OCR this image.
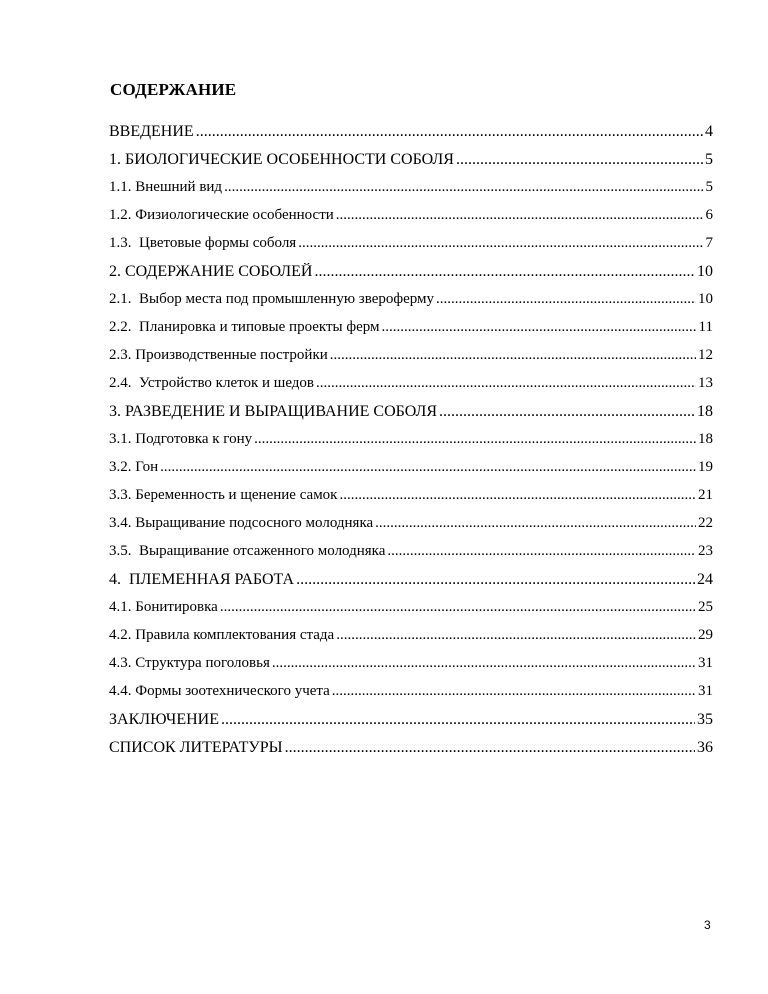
СОДЕРЖАНИЕ
ВВЕДЕНИЕ .....	4
1. БИОЛОГИЧЕСКИЕ ОСОБЕННОСТИ СОБОЛЯ .....	5
1.1. Внешний вид .....	5
1.2. Физиологические особенности .....	6
1.3.  Цветовые формы соболя .....	7
2. СОДЕРЖАНИЕ СОБОЛЕЙ .....	10
2.1.  Выбор места под промышленную звероферму .....	10
2.2.  Планировка и типовые проекты ферм .....	11
2.3. Производственные постройки .....	12
2.4.  Устройство клеток и шедов .....	13
3. РАЗВЕДЕНИЕ И ВЫРАЩИВАНИЕ СОБОЛЯ .....	18
3.1. Подготовка к гону .....	18
3.2. Гон .....	19
3.3. Беременность и щенение самок .....	21
3.4. Выращивание подсосного молодняка .....	22
3.5.  Выращивание отсаженного молодняка .....	23
4.  ПЛЕМЕННАЯ РАБОТА .....	24
4.1. Бонитировка .....	25
4.2. Правила комплектования стада .....	29
4.3. Структура поголовья .....	31
4.4. Формы зоотехнического учета .....	31
ЗАКЛЮЧЕНИЕ .....	35
СПИСОК ЛИТЕРАТУРЫ .....	36
3
